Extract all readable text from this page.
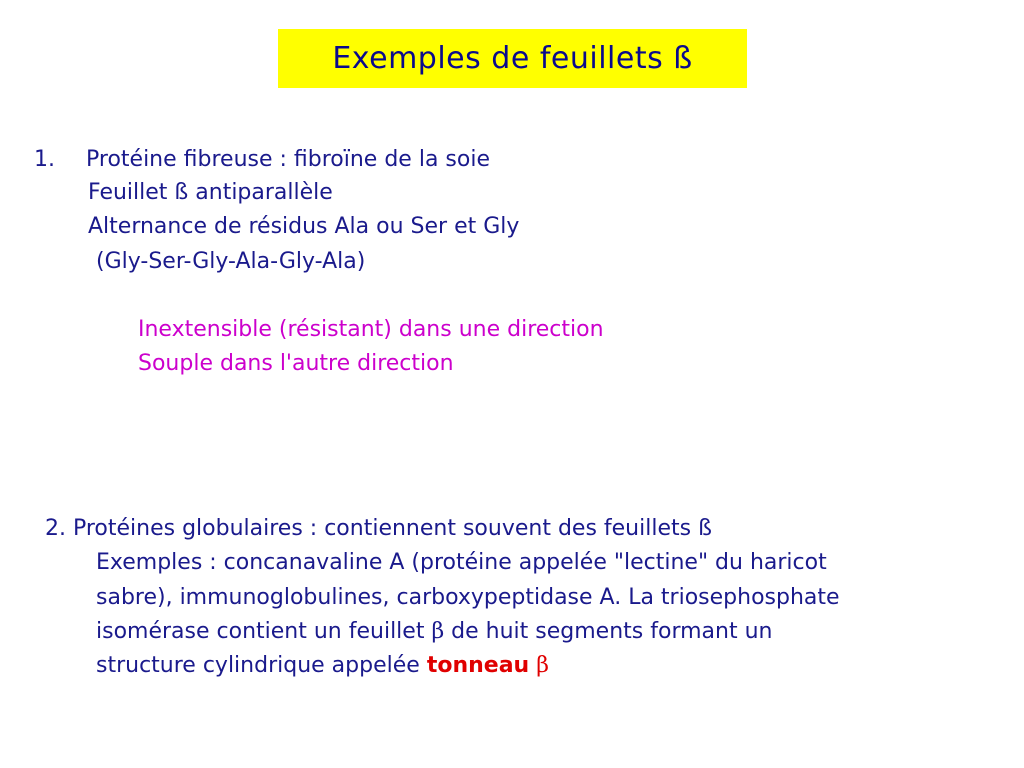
Exemples de feuillets ß
1. Protéine fibreuse : fibroïne de la soie
Feuillet ß antiparallèle
Alternance de résidus Ala ou Ser et Gly
(Gly-Ser-Gly-Ala-Gly-Ala)
Inextensible (résistant) dans une direction
Souple dans l'autre direction
2. Protéines globulaires : contiennent souvent des feuillets ß
Exemples : concanavaline A (protéine appelée "lectine" du haricot
sabre), immunoglobulines, carboxypeptidase A. La triosephosphate
isomérase contient un feuillet β de huit segments formant un
structure cylindrique appelée tonneau β
